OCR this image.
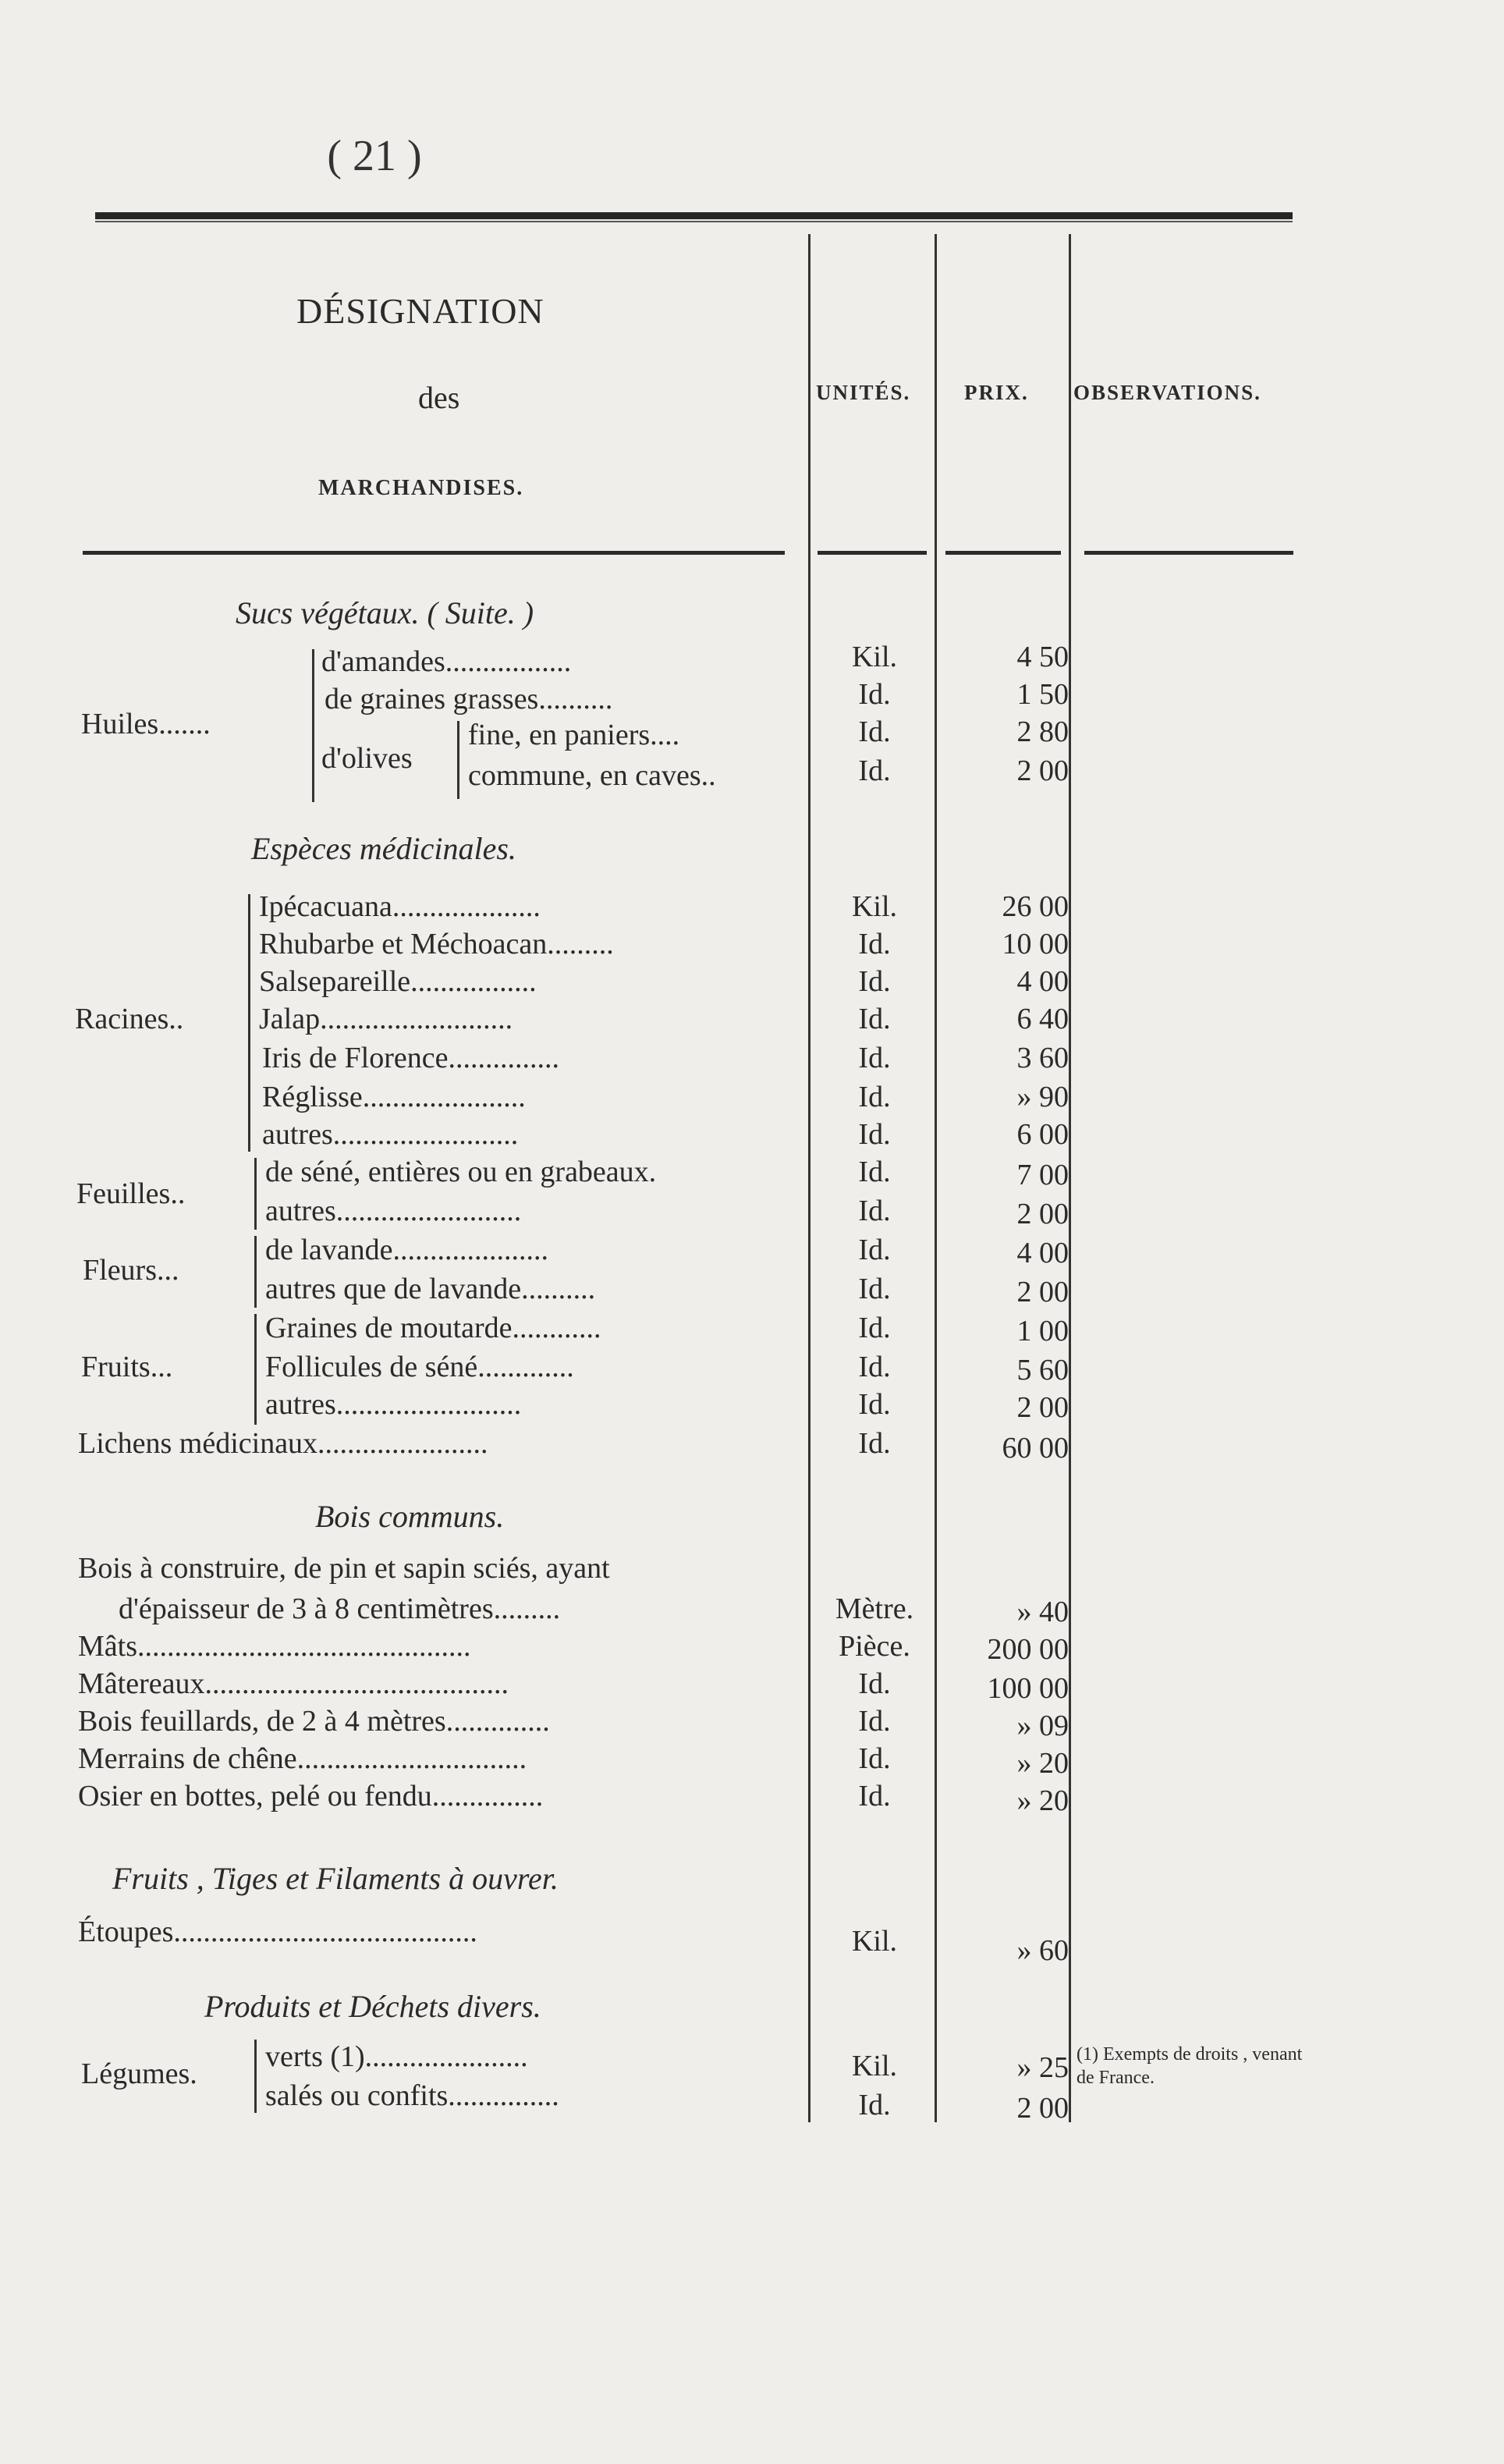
( 21 )
DÉSIGNATION
des
MARCHANDISES.
UNITÉS.	PRIX. OBSERVATIONS.
Sucs végétaux. ( Suite. )
Huiles.......
d'amandes.................	Kil.	4 50
de graines grasses..........	Id.	1 50
d'olives
fine, en paniers....	Id.	2 80
commune, en caves..	Id.	2 00
Espèces médicinales.
Racines..
Ipécacuana....................	Kil.	26 00
Rhubarbe et Méchoacan.........	Id.	10 00
Salsepareille.................	Id.	4 00
Jalap..........................	Id.	6 40
Iris de Florence...............	Id.	3 60
Réglisse......................	Id.	» 90
autres.........................	Id.	6 00
Feuilles..
de séné, entières ou en grabeaux.	Id.	7 00
autres.........................	Id.	2 00
Fleurs...
de lavande.....................	Id.	4 00
autres que de lavande..........	Id.	2 00
Fruits...
Graines de moutarde............	Id.	1 00
Follicules de séné.............	Id.	5 60
autres.........................	Id.	2 00
Lichens médicinaux.......................	Id.	60 00
Bois communs.
Bois à construire, de pin et sapin sciés, ayant
d'épaisseur de 3 à 8 centimètres.........	Mètre.	» 40
Mâts.............................................	Pièce.	200 00
Mâtereaux.........................................	Id.	100 00
Bois feuillards, de 2 à 4 mètres..............	Id.	» 09
Merrains de chêne...............................	Id.	» 20
Osier en bottes, pelé ou fendu...............	Id.	» 20
Fruits , Tiges et Filaments à ouvrer.
Étoupes.........................................	Kil.	» 60
Produits et Déchets divers.
Légumes.
verts (1)......................	Kil.	» 25
salés ou confits...............	Id.	2 00
(1) Exempts de droits , venant de France.
